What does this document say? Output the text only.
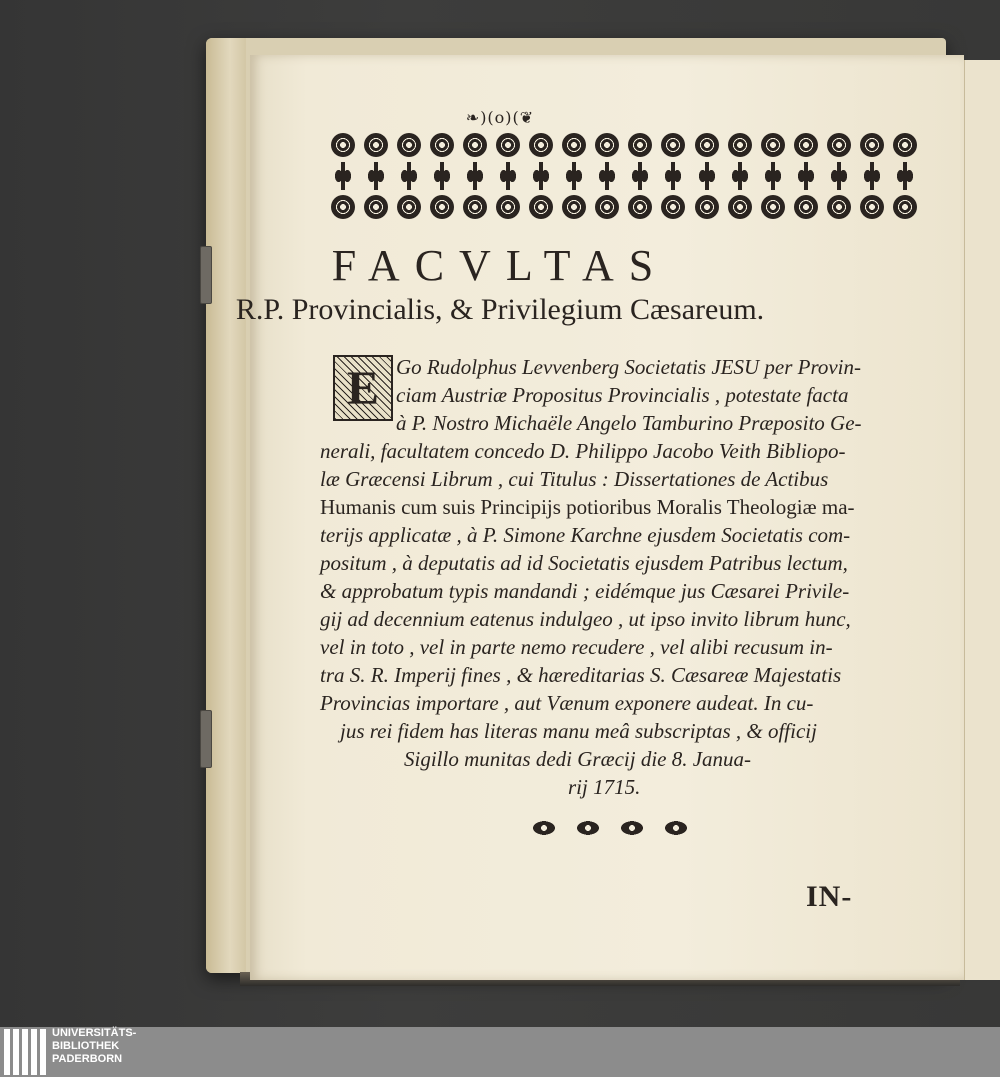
❧)(o)(❦
FACVLTAS
R.P. Provincialis, & Privilegium Cæsareum.
E Go Rudolphus Levvenberg Societatis JESU per Provin-
ciam Austriæ Propositus Provincialis , potestate facta
à P. Nostro Michaële Angelo Tamburino Præposito Ge-
nerali, facultatem concedo D. Philippo Jacobo Veith Bibliopo-
læ Græcensi Librum , cui Titulus : Dissertationes de Actibus
Humanis cum suis Principijs potioribus Moralis Theologiæ ma-
terijs applicatæ , à P. Simone Karchne ejusdem Societatis com-
positum , à deputatis ad id Societatis ejusdem Patribus lectum,
& approbatum typis mandandi ; eidémque jus Cæsarei Privile-
gij ad decennium eatenus indulgeo , ut ipso invito librum hunc,
vel in toto , vel in parte nemo recudere , vel alibi recusum in-
tra S. R. Imperij fines , & hæreditarias S. Cæsareæ Majestatis
Provincias importare , aut Vænum exponere audeat. In cu-
jus rei fidem has literas manu meâ subscriptas , & officij
Sigillo munitas dedi Græcij die 8. Janua-
rij 1715.
IN-
UNIVERSITÄTS-
BIBLIOTHEK
PADERBORN
